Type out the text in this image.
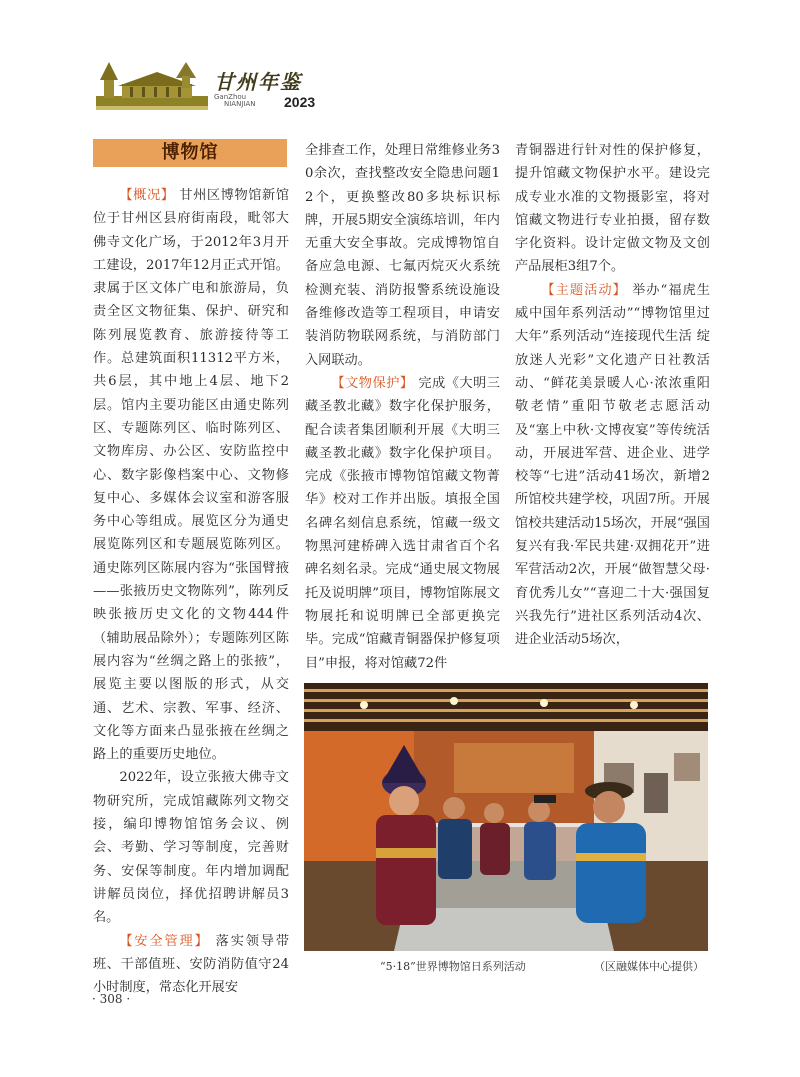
甘州年鉴
GanZhou
NIANJIAN 2023
博物馆

【概况】 甘州区博物馆新馆位于甘州区县府街南段，毗邻大佛寺文化广场，于2012年3月开工建设，2017年12月正式开馆。隶属于区文体广电和旅游局，负责全区文物征集、保护、研究和陈列展览教育、旅游接待等工作。总建筑面积11312平方米，共6层，其中地上4层、地下2层。馆内主要功能区由通史陈列区、专题陈列区、临时陈列区、文物库房、办公区、安防监控中心、数字影像档案中心、文物修复中心、多媒体会议室和游客服务中心等组成。展览区分为通史展览陈列区和专题展览陈列区。通史陈列区陈展内容为“张国臂掖——张掖历史文物陈列”，陈列反映张掖历史文化的文物444件（辅助展品除外）；专题陈列区陈展内容为“丝绸之路上的张掖”，展览主要以图版的形式，从交通、艺术、宗教、军事、经济、文化等方面来凸显张掖在丝绸之路上的重要历史地位。

2022年，设立张掖大佛寺文物研究所，完成馆藏陈列文物交接，编印博物馆馆务会议、例会、考勤、学习等制度，完善财务、安保等制度。年内增加调配讲解员岗位，择优招聘讲解员3名。

【安全管理】 落实领导带班、干部值班、安防消防值守24小时制度，常态化开展安

全排查工作，处理日常维修业务30余次，查找整改安全隐患问题12个，更换整改80多块标识标牌，开展5期安全演练培训，年内无重大安全事故。完成博物馆自备应急电源、七氟丙烷灭火系统检测充装、消防报警系统设施设备维修改造等工程项目，申请安装消防物联网系统，与消防部门入网联动。

【文物保护】 完成《大明三藏圣教北藏》数字化保护服务，配合读者集团顺利开展《大明三藏圣教北藏》数字化保护项目。完成《张掖市博物馆馆藏文物菁华》校对工作并出版。填报全国名碑名刻信息系统，馆藏一级文物黑河建桥碑入选甘肃省百个名碑名刻名录。完成“通史展文物展托及说明牌”项目，博物馆陈展文物展托和说明牌已全部更换完毕。完成“馆藏青铜器保护修复项目”申报，将对馆藏72件

青铜器进行针对性的保护修复，提升馆藏文物保护水平。建设完成专业水准的文物摄影室，将对馆藏文物进行专业拍摄，留存数字化资料。设计定做文物及文创产品展柜3组7个。

【主题活动】 举办“福虎生威中国年系列活动”“博物馆里过大年”系列活动“连接现代生活 绽放迷人光彩”文化遗产日社教活动、“鲜花美景暖人心·浓浓重阳敬老情”重阳节敬老志愿活动及“塞上中秋·文博夜宴”等传统活动，开展进军营、进企业、进学校等“七进”活动41场次，新增2所馆校共建学校，巩固7所。开展馆校共建活动15场次，开展“强国复兴有我·军民共建·双拥花开”进军营活动2次，开展“做智慧父母·育优秀儿女”“喜迎二十大·强国复兴我先行”进社区系列活动4次、进企业活动5场次，

“5·18”世界博物馆日系列活动	（区融媒体中心提供）
· 308 ·
